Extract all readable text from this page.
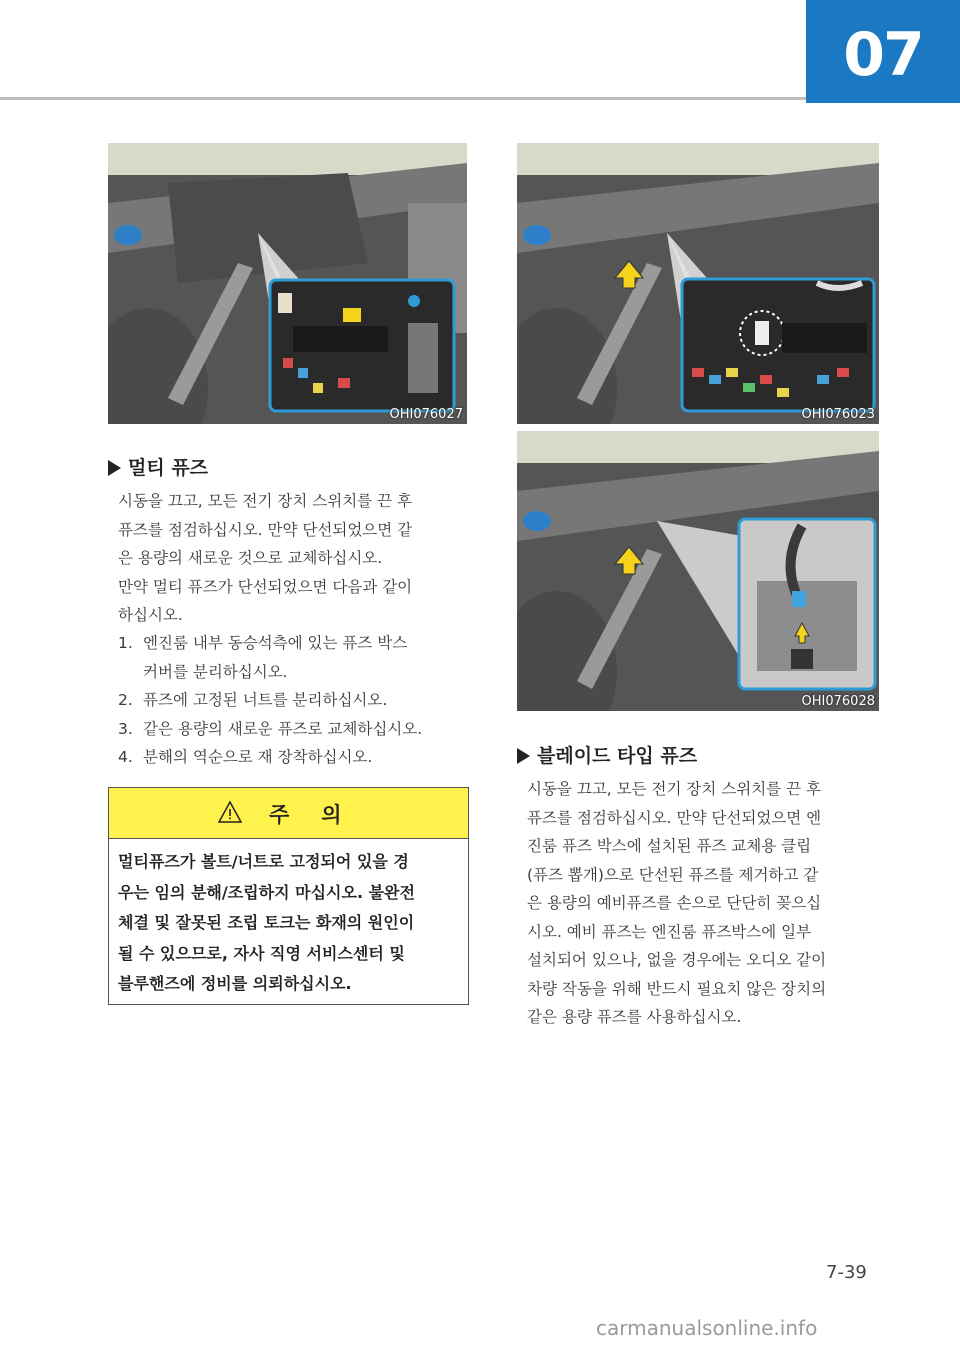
07
OHI076027	OHI076023
OHI076028
멀티 퓨즈

시동을 끄고, 모든 전기 장치 스위치를 끈 후

퓨즈를 점검하십시오. 만약 단선되었으면 같

은 용량의 새로운 것으로 교체하십시오.

만약 멀티 퓨즈가 단선되었으면 다음과 같이

하십시오.

1. 엔진룸 내부 동승석측에 있는 퓨즈 박스
커버를 분리하십시오.
2. 퓨즈에 고정된 너트를 분리하십시오.
3. 같은 용량의 새로운 퓨즈로 교체하십시오.
4. 분해의 역순으로 재 장착하십시오.
주의
멀티퓨즈가 볼트/너트로 고정되어 있을 경
우는 임의 분해/조립하지 마십시오. 불완전
체결 및 잘못된 조립 토크는 화재의 원인이
될 수 있으므로, 자사 직영 서비스센터 및
블루핸즈에 정비를 의뢰하십시오.
블레이드 타입 퓨즈

시동을 끄고, 모든 전기 장치 스위치를 끈 후

퓨즈를 점검하십시오. 만약 단선되었으면 엔

진룸 퓨즈 박스에 설치된 퓨즈 교체용 클립

(퓨즈 뽑개)으로 단선된 퓨즈를 제거하고 같

은 용량의 예비퓨즈를 손으로 단단히 꽂으십

시오. 예비 퓨즈는 엔진룸 퓨즈박스에 일부

설치되어 있으나, 없을 경우에는 오디오 같이

차량 작동을 위해 반드시 필요치 않은 장치의

같은 용량 퓨즈를 사용하십시오.

7-39
carmanualsonline.info
